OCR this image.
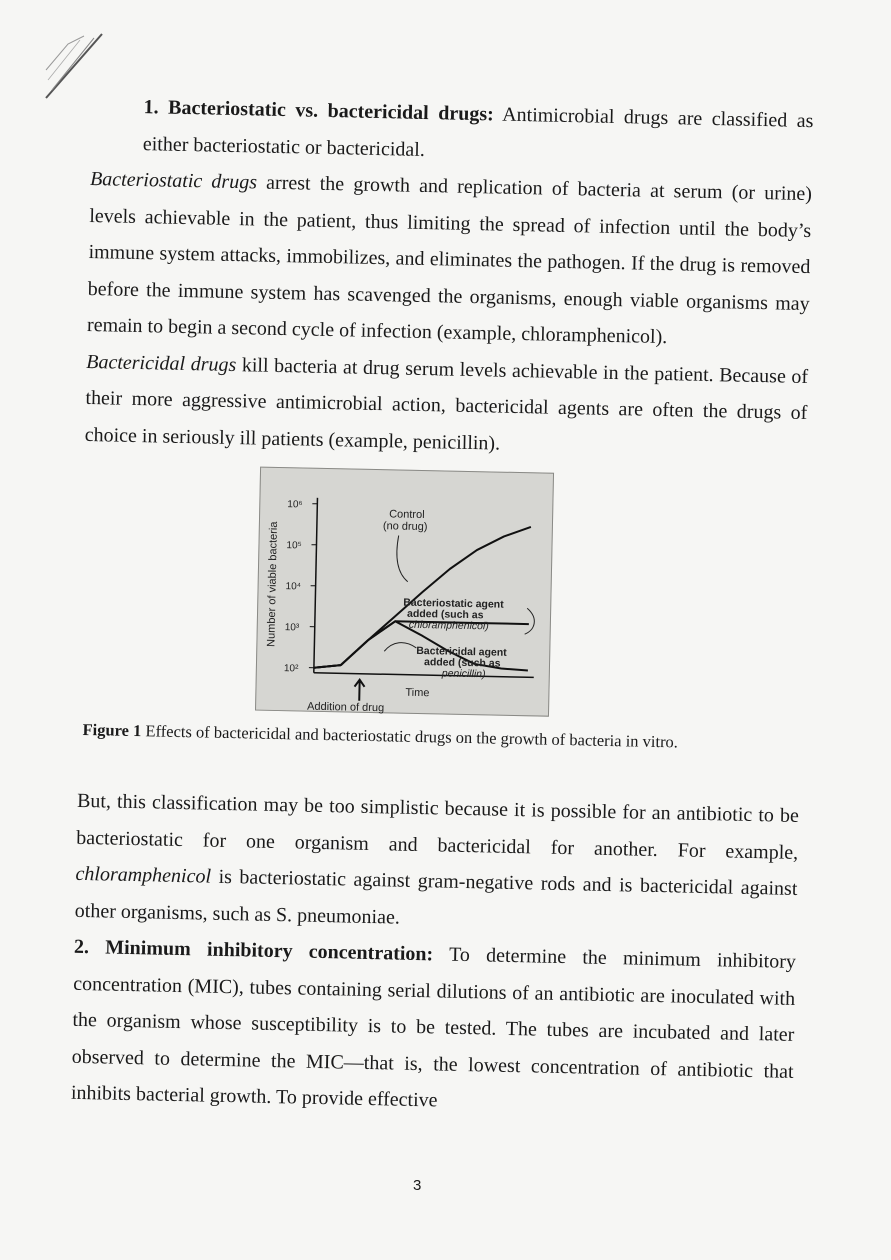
1. Bacteriostatic vs. bactericidal drugs: Antimicrobial drugs are classified as either bacteriostatic or bactericidal.

Bacteriostatic drugs arrest the growth and replication of bacteria at serum (or urine) levels achievable in the patient, thus limiting the spread of infection until the body’s immune system attacks, immobilizes, and eliminates the pathogen. If the drug is removed before the immune system has scavenged the organisms, enough viable organisms may remain to begin a second cycle of infection (example, chloramphenicol).

Bactericidal drugs kill bacteria at drug serum levels achievable in the patient. Because of their more aggressive antimicrobial action, bactericidal agents are often the drugs of choice in seriously ill patients (example, penicillin).

Number of viable bacteria
10⁶
10⁵
10⁴
10³
10²
Control
(no drug)
Bacteriostatic agent
added (such as
chloramphenicol)
Bactericidal agent
added (such as
penicillin)
Time
Addition of drug
Figure 1 Effects of bactericidal and bacteriostatic drugs on the growth of bacteria in vitro.

But, this classification may be too simplistic because it is possible for an antibiotic to be bacteriostatic for one organism and bactericidal for another. For example, chloramphenicol is bacteriostatic against gram-negative rods and is bactericidal against other organisms, such as S. pneumoniae.

2. Minimum inhibitory concentration: To determine the minimum inhibitory concentration (MIC), tubes containing serial dilutions of an antibiotic are inoculated with the organism whose susceptibility is to be tested. The tubes are incubated and later observed to determine the MIC—that is, the lowest concentration of antibiotic that inhibits bacterial growth. To provide effective

3
